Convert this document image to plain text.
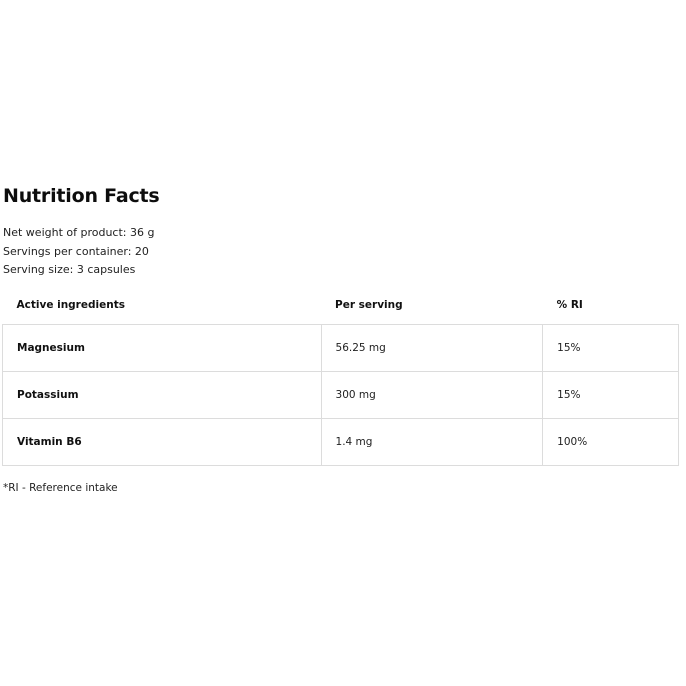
Nutrition Facts
Net weight of product: 36 g
Servings per container: 20
Serving size: 3 capsules
Active ingredients	Per serving	% RI
Magnesium	56.25 mg	15%
Potassium	300 mg	15%
Vitamin B6	1.4 mg	100%
*RI - Reference intake
